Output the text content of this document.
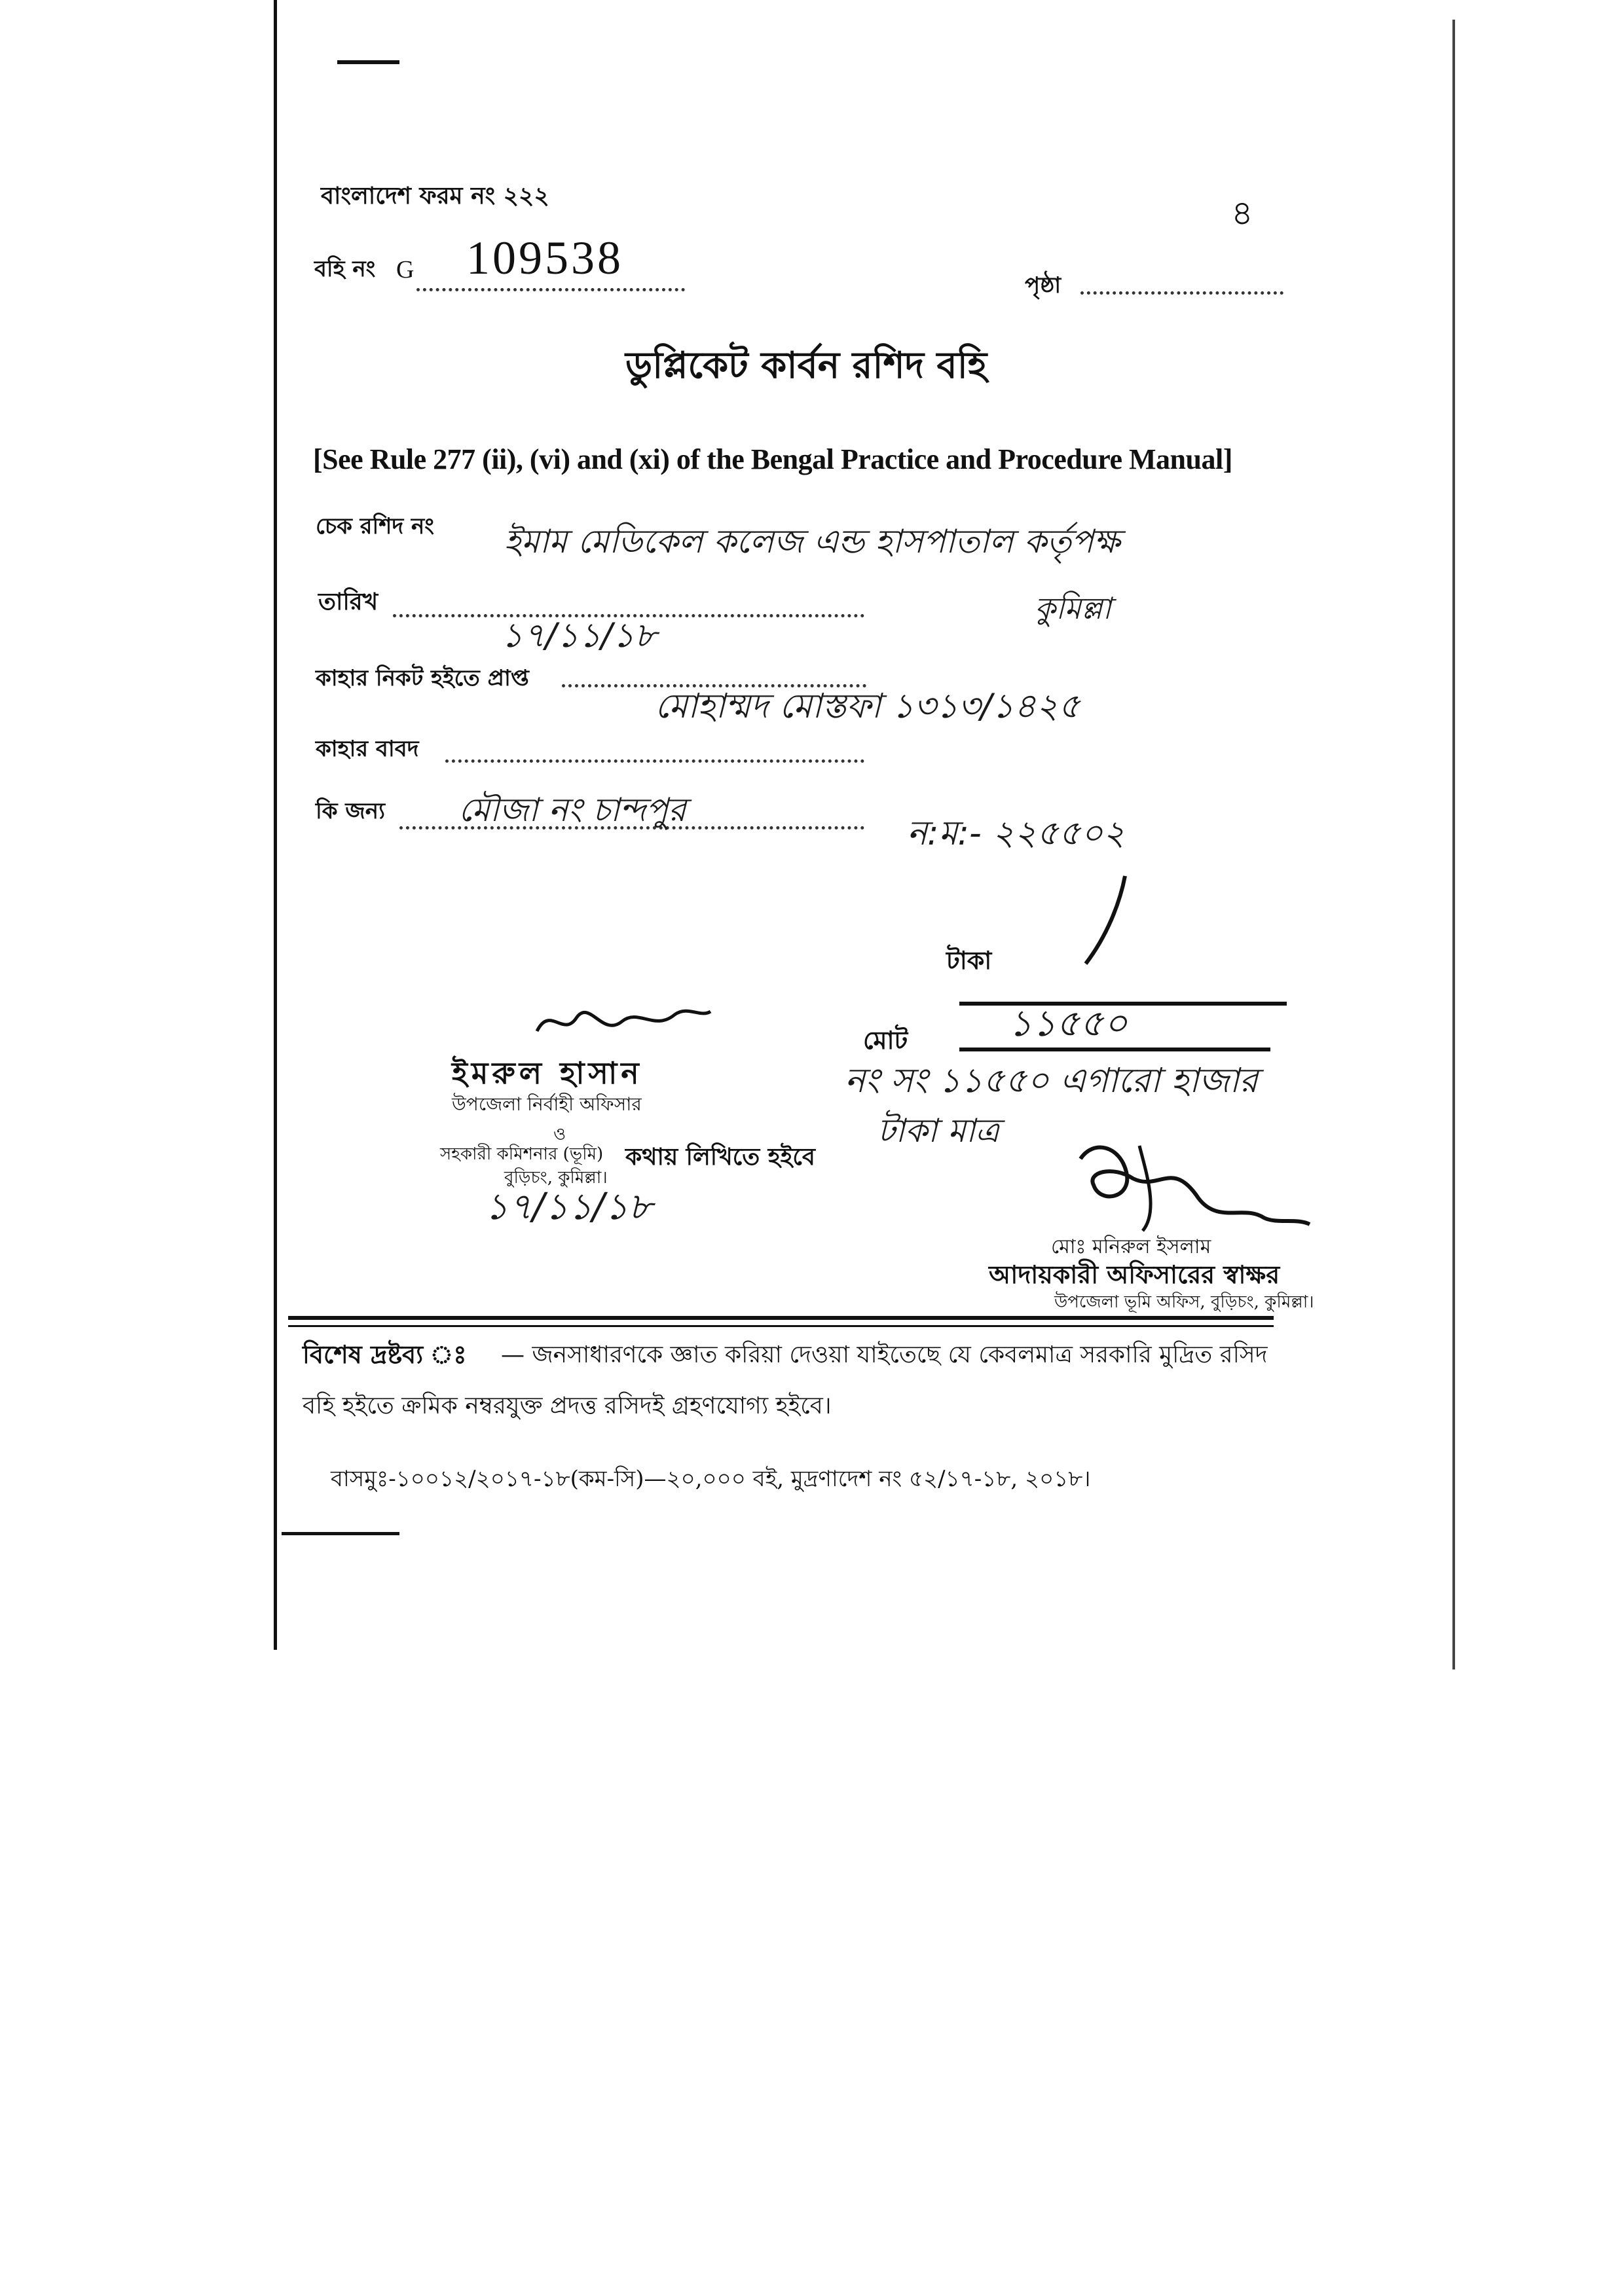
বাংলাদেশ ফরম নং ২২২	৪
বহি নং G 109538
পৃষ্ঠা
ডুপ্লিকেট কার্বন রশিদ বহি
[See Rule 277 (ii), (vi) and (xi) of the Bengal Practice and Procedure Manual]
চেক রশিদ নং ইমাম মেডিকেল কলেজ এন্ড হাসপাতাল কর্তৃপক্ষ
কুমিল্লা
তারিখ
১৭/১১/১৮
কাহার নিকট হইতে প্রাপ্ত
মোহাম্মদ মোস্তফা ১৩১৩/১৪২৫
কাহার বাবদ
কি জন্য মৌজা নং চান্দপুর
ন:ম:- ২২৫৫০২
টাকা
মোট	১১৫৫০
নং সং ১১৫৫০ এগারো হাজার
টাকা মাত্র
ইমরুল হাসান
উপজেলা নির্বাহী অফিসার
ও
সহকারী কমিশনার (ভূমি)
বুড়িচং, কুমিল্লা।
কথায় লিখিতে হইবে
১৭/১১/১৮
মোঃ মনিরুল ইসলাম
আদায়কারী অফিসারের স্বাক্ষর
উপজেলা ভূমি অফিস, বুড়িচং, কুমিল্লা।
বিশেষ দ্রষ্টব্য ঃ — জনসাধারণকে জ্ঞাত করিয়া দেওয়া যাইতেছে যে কেবলমাত্র সরকারি মুদ্রিত রসিদ
বহি হইতে ক্রমিক নম্বরযুক্ত প্রদত্ত রসিদই গ্রহণযোগ্য হইবে।
বাসমুঃ-১০০১২/২০১৭-১৮(কম-সি)—২০,০০০ বই, মুদ্রণাদেশ নং ৫২/১৭-১৮, ২০১৮।
